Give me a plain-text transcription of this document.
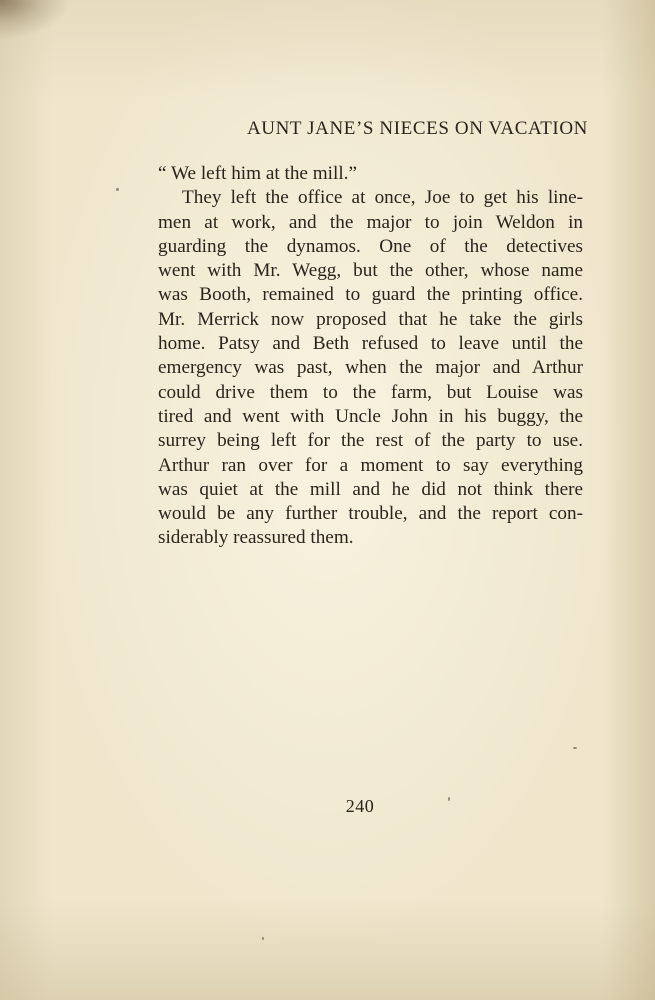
AUNT JANE’S NIECES ON VACATION
“ We left him at the mill.”
They left the office at once, Joe to get his line-
men at work, and the major to join Weldon in
guarding the dynamos. One of the detectives
went with Mr. Wegg, but the other, whose name
was Booth, remained to guard the printing office.
Mr. Merrick now proposed that he take the girls
home. Patsy and Beth refused to leave until the
emergency was past, when the major and Arthur
could drive them to the farm, but Louise was
tired and went with Uncle John in his buggy, the
surrey being left for the rest of the party to use.
Arthur ran over for a moment to say everything
was quiet at the mill and he did not think there
would be any further trouble, and the report con-
siderably reassured them.
240
